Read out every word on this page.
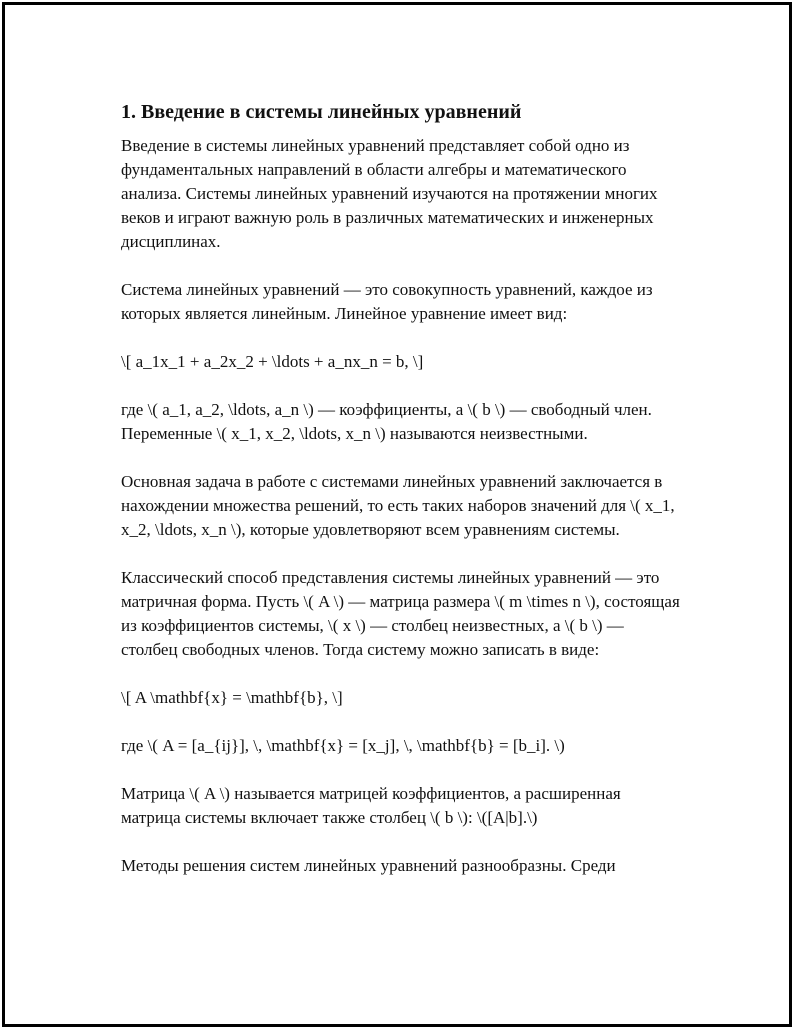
1. Введение в системы линейных уравнений

Введение в системы линейных уравнений представляет собой одно из фундаментальных направлений в области алгебры и математического анализа. Системы линейных уравнений изучаются на протяжении многих веков и играют важную роль в различных математических и инженерных дисциплинах.

Система линейных уравнений — это совокупность уравнений, каждое из которых является линейным. Линейное уравнение имеет вид:

\[ a_1x_1 + a_2x_2 + \ldots + a_nx_n = b, \]

где \( a_1, a_2, \ldots, a_n \) — коэффициенты, а \( b \) — свободный член. Переменные \( x_1, x_2, \ldots, x_n \) называются неизвестными.

Основная задача в работе с системами линейных уравнений заключается в нахождении множества решений, то есть таких наборов значений для \( x_1, x_2, \ldots, x_n \), которые удовлетворяют всем уравнениям системы.

Классический способ представления системы линейных уравнений — это матричная форма. Пусть \( A \) — матрица размера \( m \times n \), состоящая из коэффициентов системы, \( x \) — столбец неизвестных, а \( b \) — столбец свободных членов. Тогда систему можно записать в виде:

\[ A \mathbf{x} = \mathbf{b}, \]

где \( A = [a_{ij}], \, \mathbf{x} = [x_j], \, \mathbf{b} = [b_i]. \)

Матрица \( A \) называется матрицей коэффициентов, а расширенная матрица системы включает также столбец \( b \): \([A|b].\)

Методы решения систем линейных уравнений разнообразны. Среди
